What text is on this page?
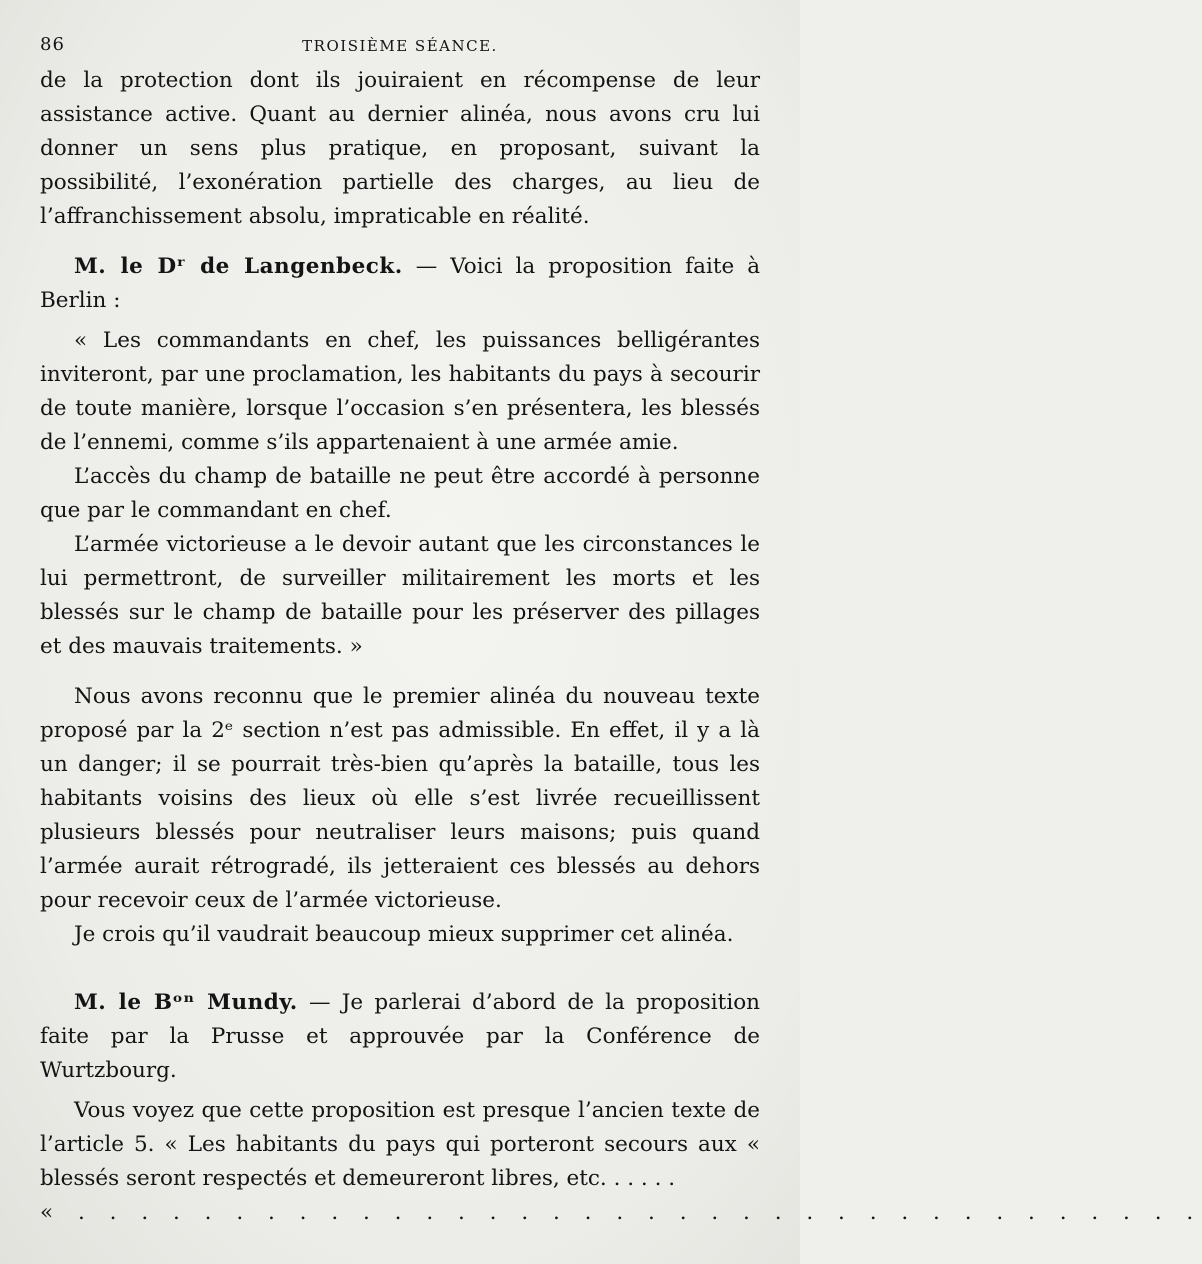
86	TROISIÈME SÉANCE.

de la protection dont ils jouiraient en récompense de leur assistance active. Quant au dernier alinéa, nous avons cru lui donner un sens plus pratique, en proposant, suivant la possibilité, l’exonération partielle des charges, au lieu de l’affranchissement absolu, impraticable en réalité.

M. le Dʳ de Langenbeck. — Voici la proposition faite à Berlin :

« Les commandants en chef, les puissances belligérantes inviteront, par une proclamation, les habitants du pays à secourir de toute manière, lorsque l’occasion s’en présentera, les blessés de l’ennemi, comme s’ils appartenaient à une armée amie.

L’accès du champ de bataille ne peut être accordé à personne que par le commandant en chef.

L’armée victorieuse a le devoir autant que les circonstances le lui permettront, de surveiller militairement les morts et les blessés sur le champ de bataille pour les préserver des pillages et des mauvais traitements. »

Nous avons reconnu que le premier alinéa du nouveau texte proposé par la 2ᵉ section n’est pas admissible. En effet, il y a là un danger; il se pourrait très-bien qu’après la bataille, tous les habitants voisins des lieux où elle s’est livrée recueillissent plusieurs blessés pour neutraliser leurs maisons; puis quand l’armée aurait rétrogradé, ils jetteraient ces blessés au dehors pour recevoir ceux de l’armée victorieuse.

Je crois qu’il vaudrait beaucoup mieux supprimer cet alinéa.

M. le Bᵒⁿ Mundy. — Je parlerai d’abord de la proposition faite par la Prusse et approuvée par la Conférence de Wurtzbourg.

Vous voyez que cette proposition est presque l’ancien texte de l’article 5. « Les habitants du pays qui porteront secours aux « blessés seront respectés et demeureront libres, etc. . . . . .

« . . . . . . . . . . . . . . . . . . . . . . . . . . . . . . . . . . . .
